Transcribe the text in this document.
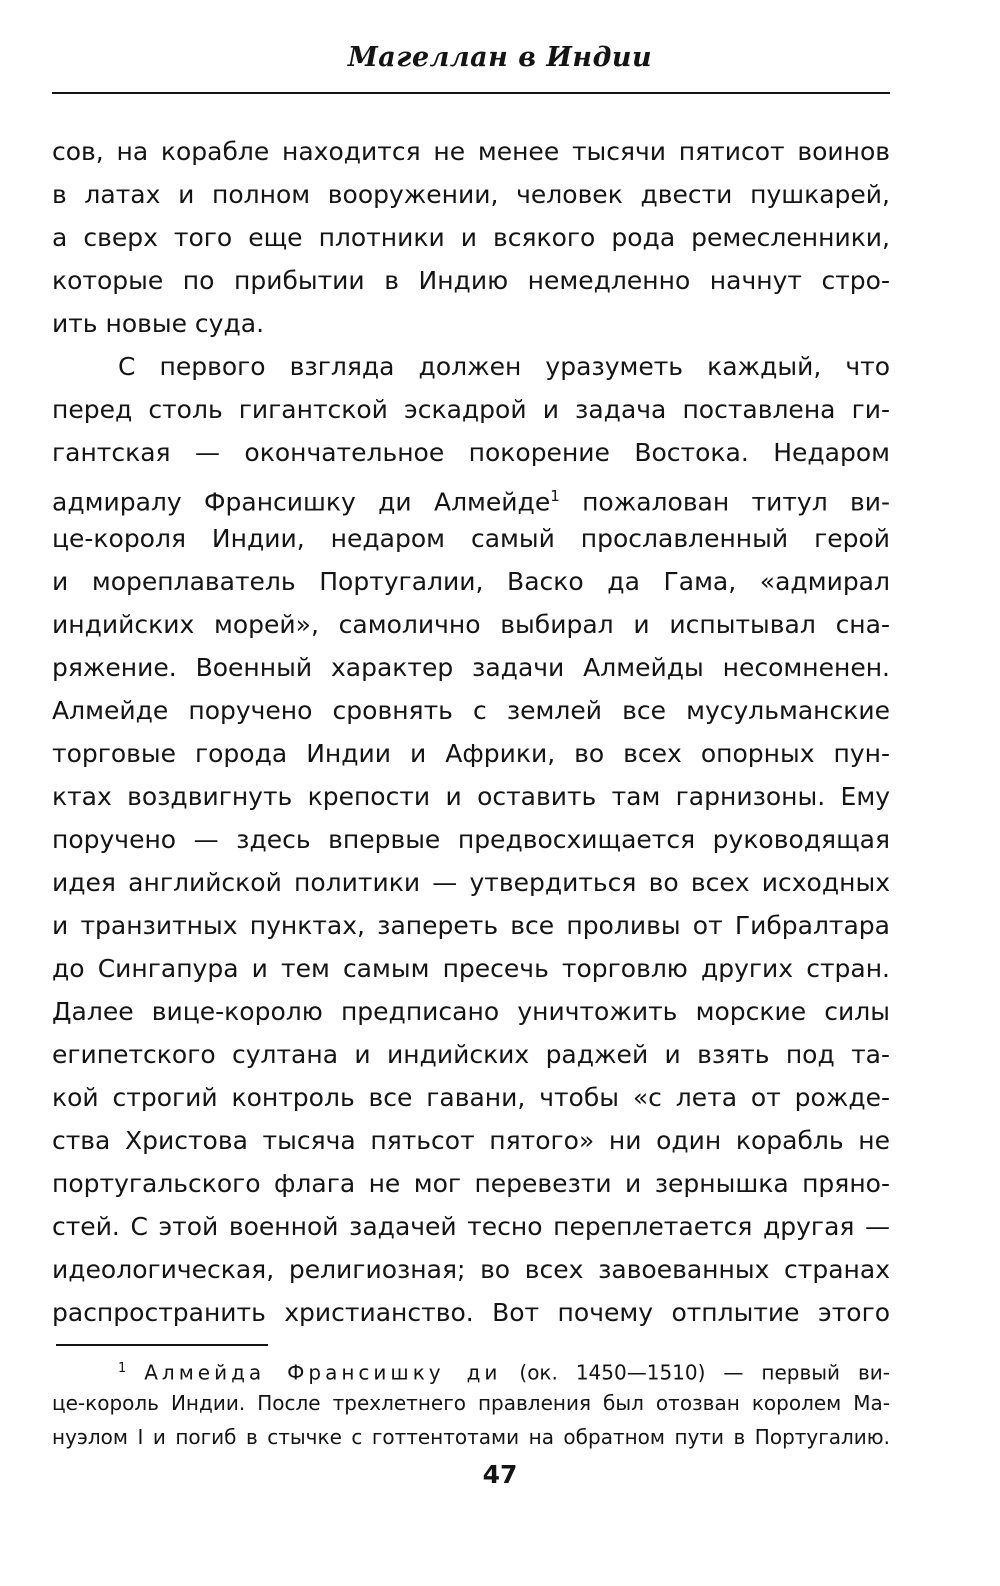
Магеллан в Индии
сов, на корабле находится не менее тысячи пятисот воинов
в латах и полном вооружении, человек двести пушкарей,
а сверх того еще плотники и всякого рода ремесленники,
которые по прибытии в Индию немедленно начнут стро-
ить новые суда.
С первого взгляда должен уразуметь каждый, что
перед столь гигантской эскадрой и задача поставлена ги-
гантская — окончательное покорение Востока. Недаром
адмиралу Франсишку ди Алмейде$^1$ пожалован титул ви-
це-короля Индии, недаром самый прославленный герой
и мореплаватель Португалии, Васко да Гама, «адмирал
индийских морей», самолично выбирал и испытывал сна-
ряжение. Военный характер задачи Алмейды несомненен.
Алмейде поручено сровнять с землей все мусульманские
торговые города Индии и Африки, во всех опорных пун-
ктах воздвигнуть крепости и оставить там гарнизоны. Ему
поручено — здесь впервые предвосхищается руководящая
идея английской политики — утвердиться во всех исходных
и транзитных пунктах, запереть все проливы от Гибралтара
до Сингапура и тем самым пресечь торговлю других стран.
Далее вице-королю предписано уничтожить морские силы
египетского султана и индийских раджей и взять под та-
кой строгий контроль все гавани, чтобы «с лета от рожде-
ства Христова тысяча пятьсот пятого» ни один корабль не
португальского флага не мог перевезти и зернышка пряно-
стей. С этой военной задачей тесно переплетается другая —
идеологическая, религиозная; во всех завоеванных странах
распространить христианство. Вот почему отплытие этого
$^1$ Алмейда Франсишку ди (ок. 1450—1510) — первый ви-
це-король Индии. После трехлетнего правления был отозван королем Ма-
нуэлом I и погиб в стычке с готтентотами на обратном пути в Португалию.
47
